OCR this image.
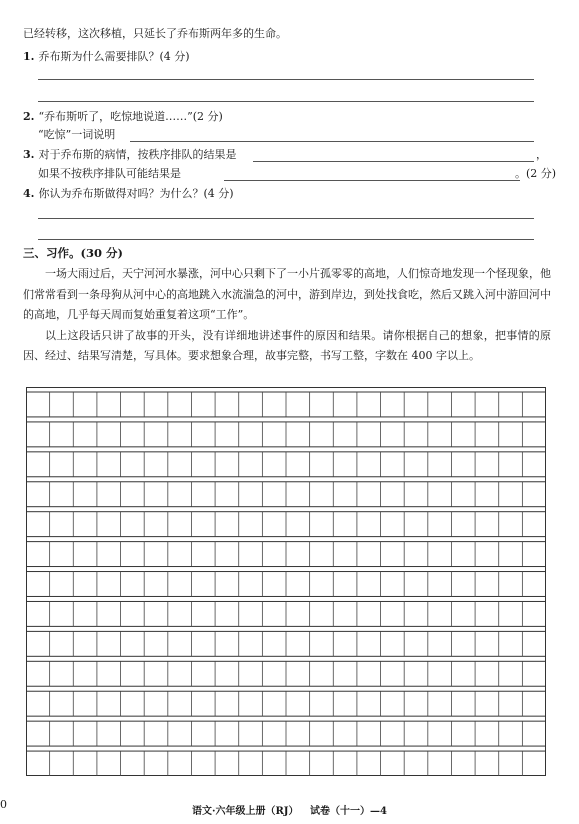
已经转移，这次移植，只延长了乔布斯两年多的生命。
1. 乔布斯为什么需要排队？(4 分)
2. “乔布斯听了，吃惊地说道……”(2 分)
“吃惊”一词说明
3. 对于乔布斯的病情，按秩序排队的结果是	，
如果不按秩序排队可能结果是	。(2 分)
4. 你认为乔布斯做得对吗？为什么？(4 分)
三、习作。(30 分)

一场大雨过后，天宁河河水暴涨，河中心只剩下了一小片孤零零的高地，人们惊奇地发现一个怪现象，他们常常看到一条母狗从河中心的高地跳入水流湍急的河中，游到岸边，到处找食吃，然后又跳入河中游回河中的高地，几乎每天周而复始重复着这项“工作”。

以上这段话只讲了故事的开头，没有详细地讲述事件的原因和结果。请你根据自己的想象，把事情的原因、经过、结果写清楚，写具体。要求想象合理，故事完整，书写工整，字数在 400 字以上。

0
语文·六年级上册（RJ） 试卷（十一）—4
